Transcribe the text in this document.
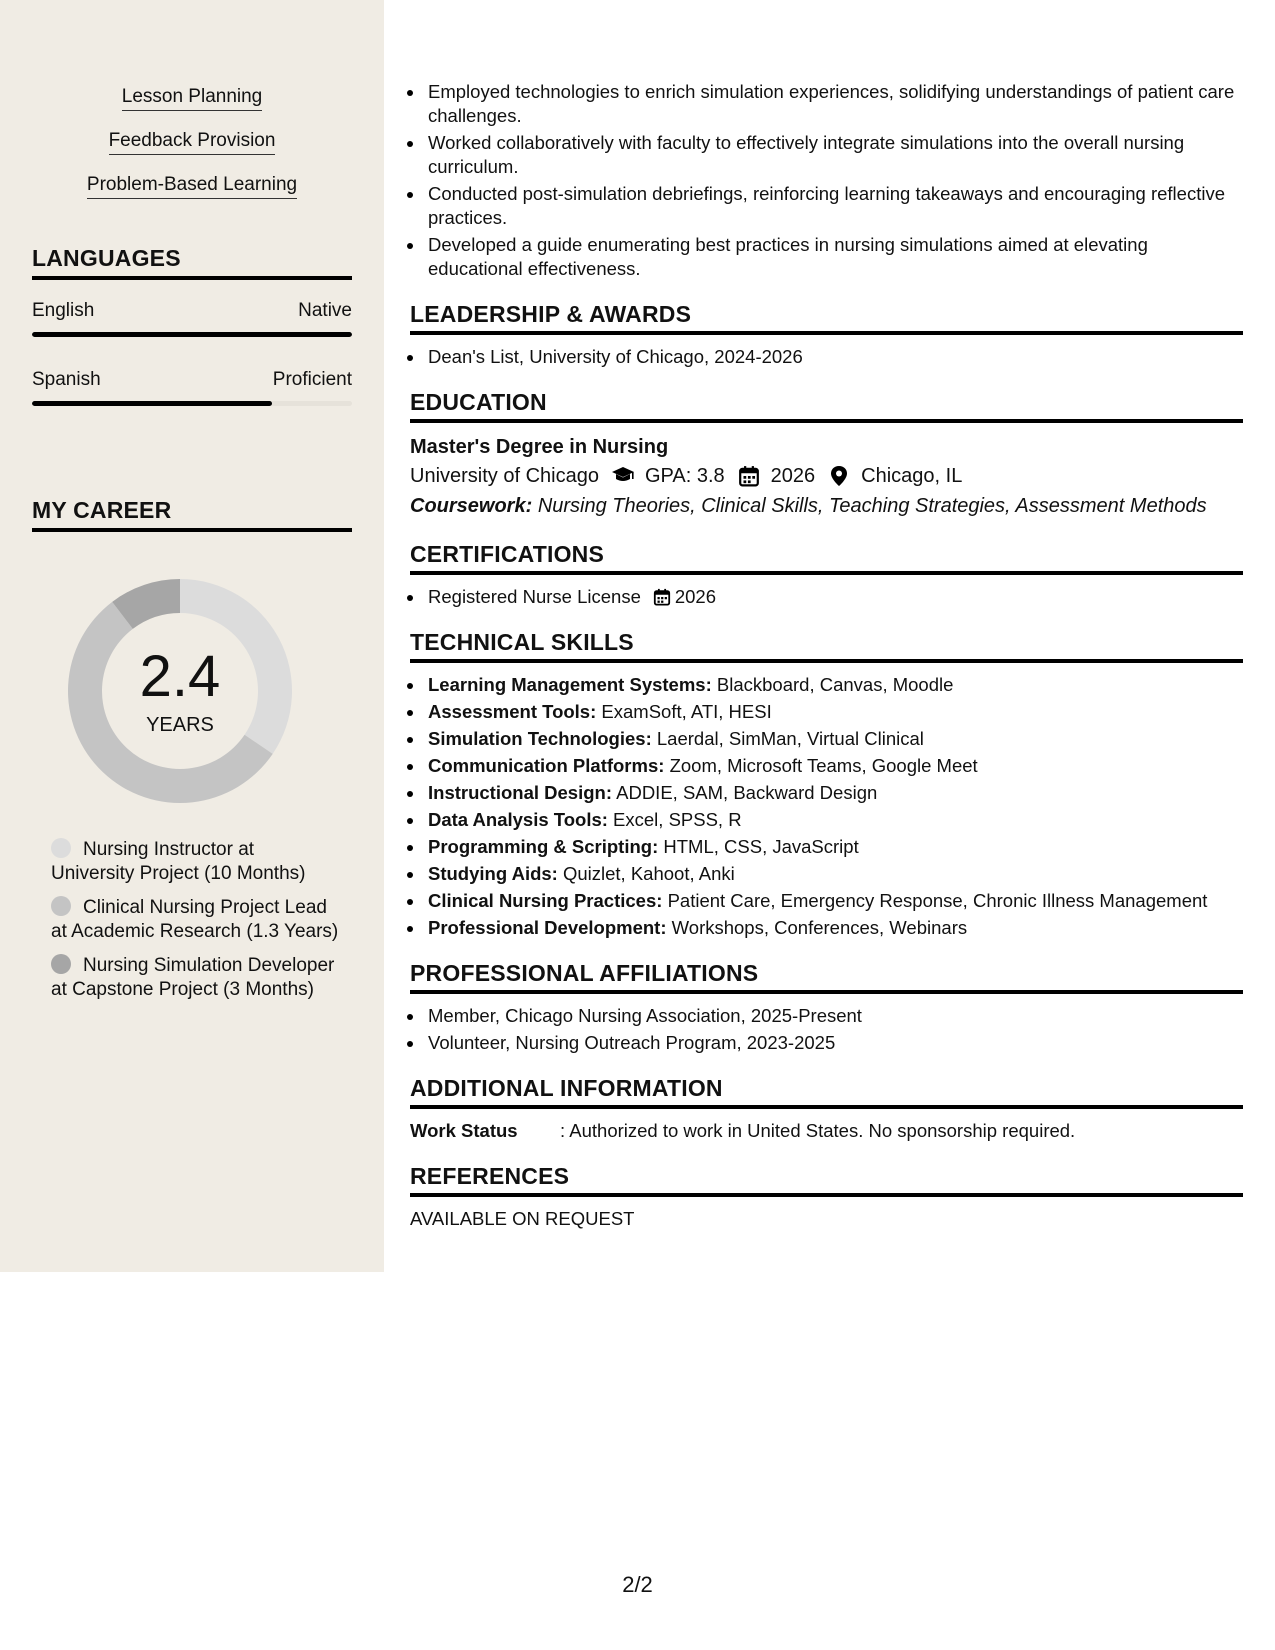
Lesson Planning
Feedback Provision
Problem-Based Learning
LANGUAGES
English	Native
Spanish	Proficient
MY CAREER
2.4
YEARS
Nursing Instructor at University Project (10 Months)
Clinical Nursing Project Lead at Academic Research (1.3 Years)
Nursing Simulation Developer at Capstone Project (3 Months)
Employed technologies to enrich simulation experiences, solidifying understandings of patient care challenges.
Worked collaboratively with faculty to effectively integrate simulations into the overall nursing curriculum.
Conducted post-simulation debriefings, reinforcing learning takeaways and encouraging reflective practices.
Developed a guide enumerating best practices in nursing simulations aimed at elevating educational effectiveness.
LEADERSHIP & AWARDS
Dean's List, University of Chicago, 2024-2026
EDUCATION
Master's Degree in Nursing
University of Chicago GPA: 3.8 2026 Chicago, IL
Coursework: Nursing Theories, Clinical Skills, Teaching Strategies, Assessment Methods
CERTIFICATIONS
Registered Nurse License 2026
TECHNICAL SKILLS
Learning Management Systems: Blackboard, Canvas, Moodle
Assessment Tools: ExamSoft, ATI, HESI
Simulation Technologies: Laerdal, SimMan, Virtual Clinical
Communication Platforms: Zoom, Microsoft Teams, Google Meet
Instructional Design: ADDIE, SAM, Backward Design
Data Analysis Tools: Excel, SPSS, R
Programming & Scripting: HTML, CSS, JavaScript
Studying Aids: Quizlet, Kahoot, Anki
Clinical Nursing Practices: Patient Care, Emergency Response, Chronic Illness Management
Professional Development: Workshops, Conferences, Webinars
PROFESSIONAL AFFILIATIONS
Member, Chicago Nursing Association, 2025-Present
Volunteer, Nursing Outreach Program, 2023-2025
ADDITIONAL INFORMATION
Work Status : Authorized to work in United States. No sponsorship required.
REFERENCES
AVAILABLE ON REQUEST
2/2
